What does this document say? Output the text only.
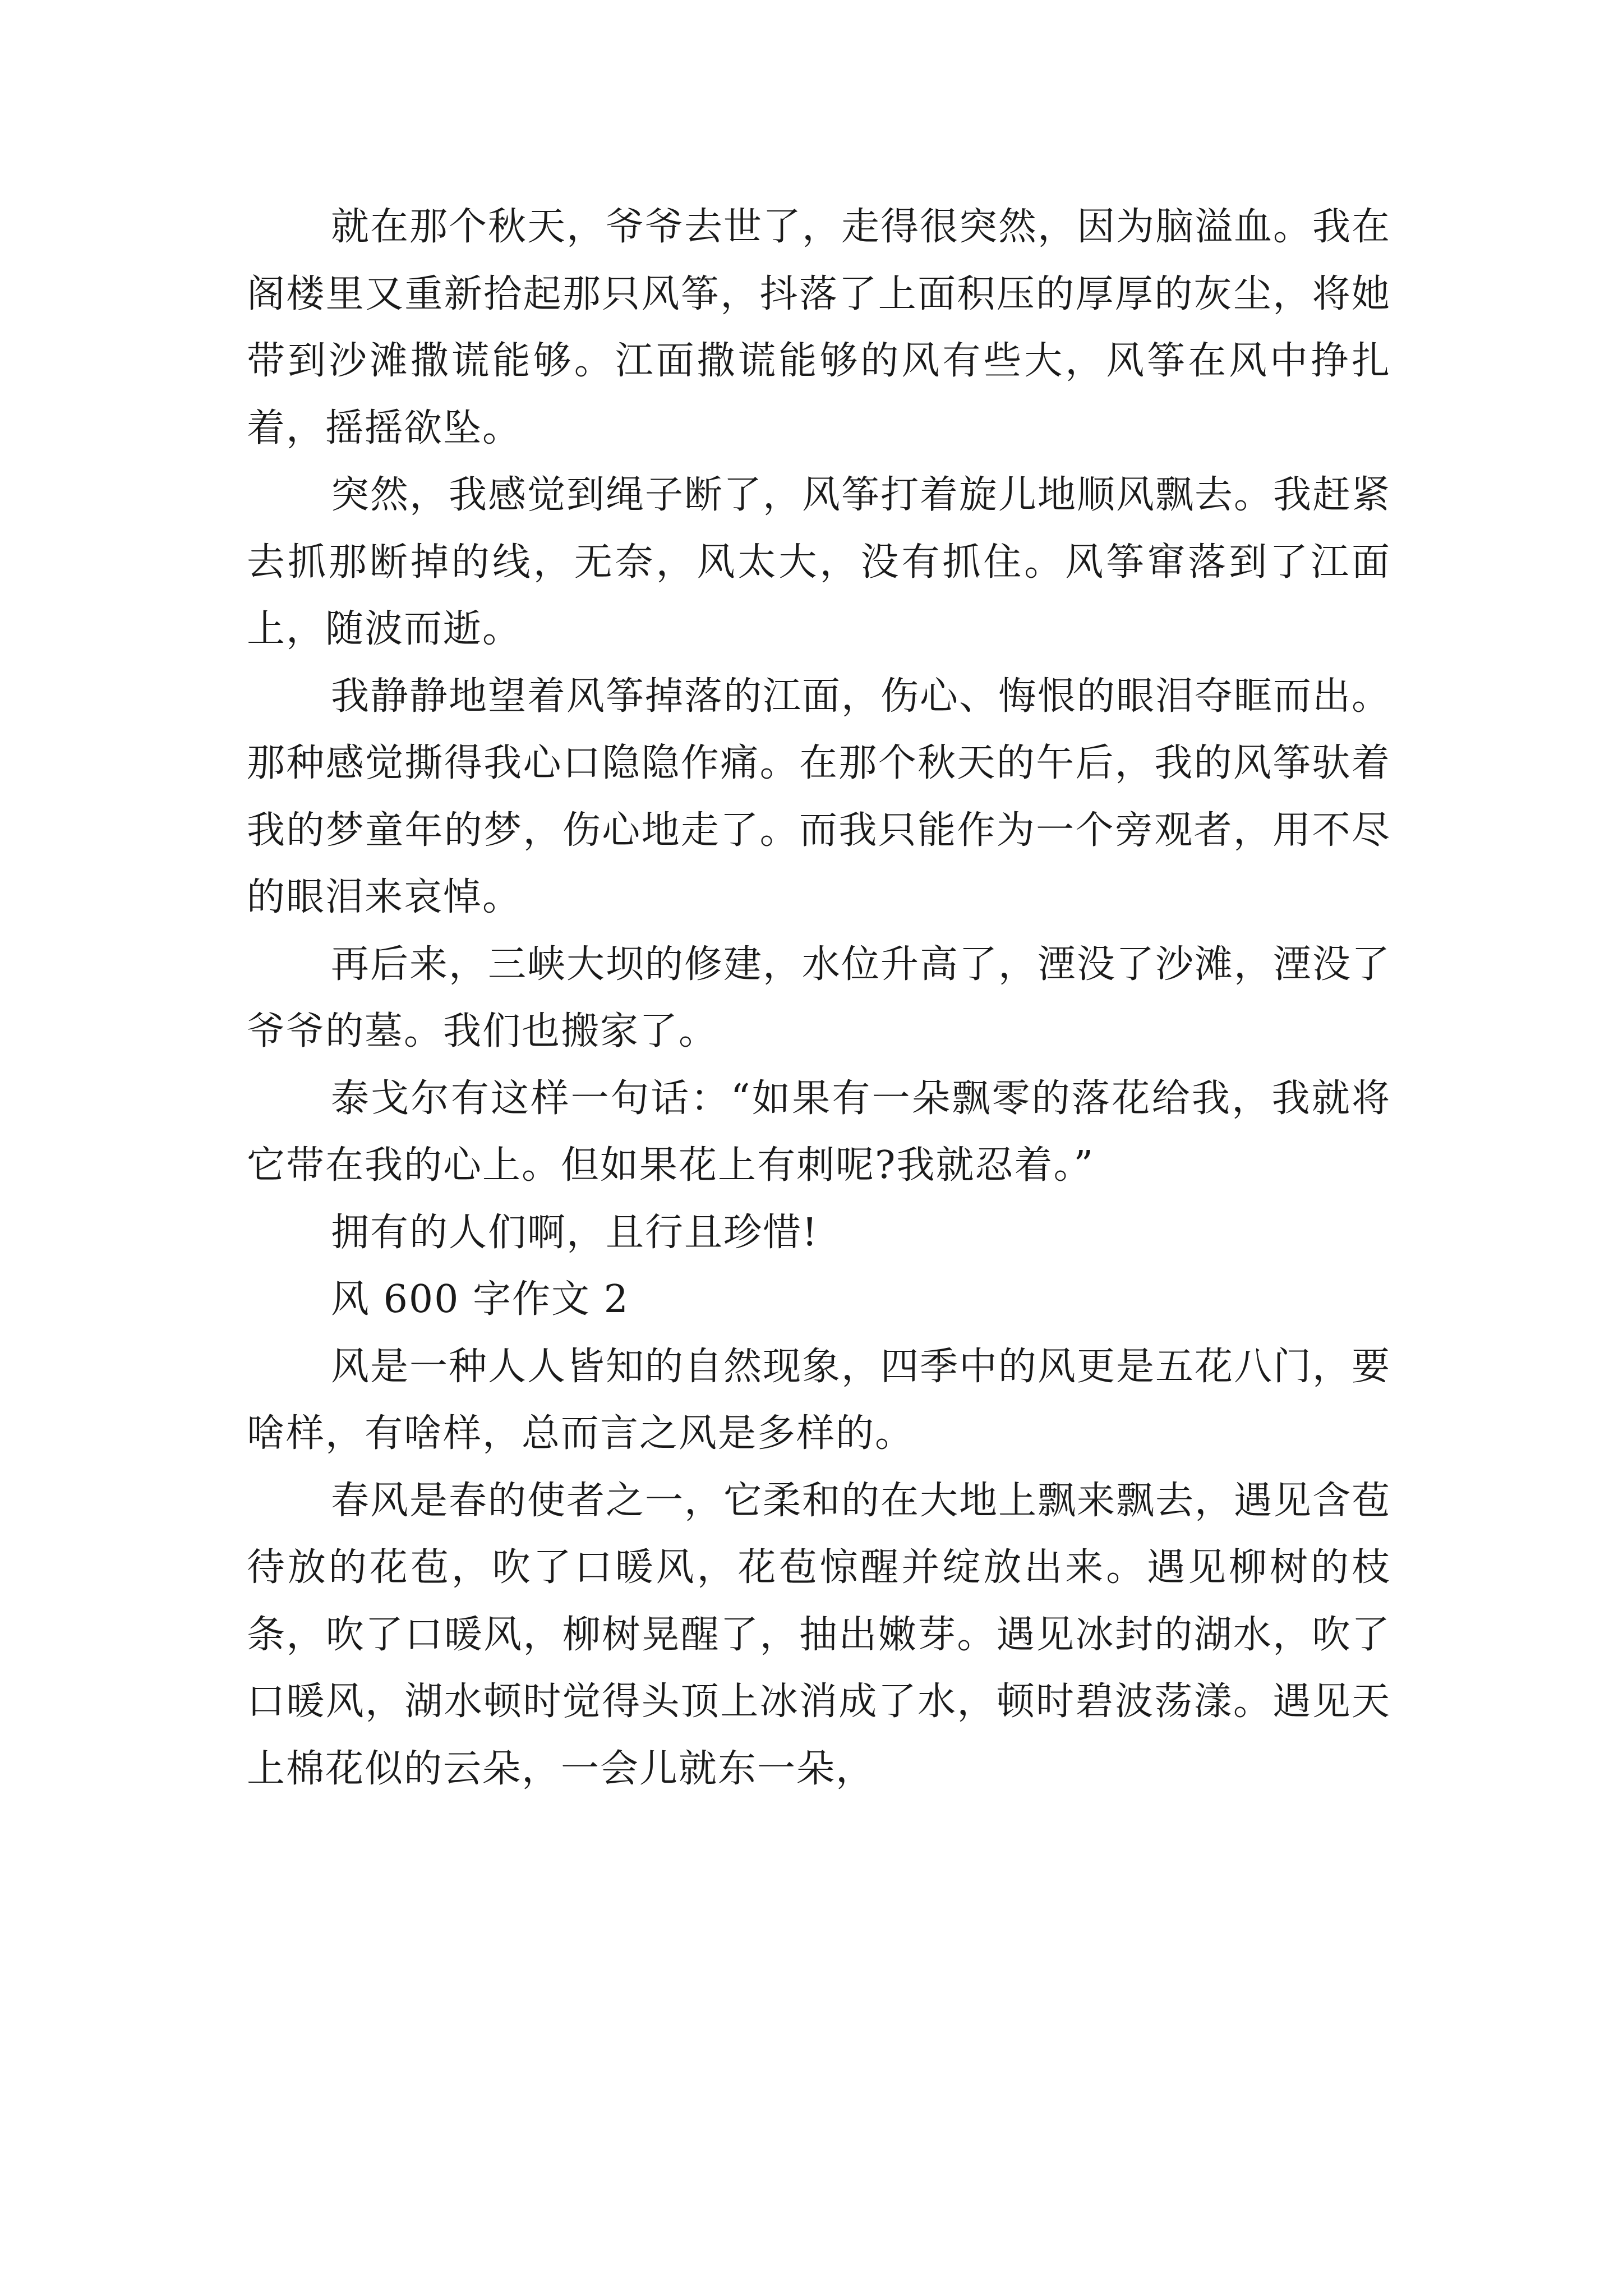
就在那个秋天，爷爷去世了，走得很突然，因为脑溢血。我在阁楼里又重新拾起那只风筝，抖落了上面积压的厚厚的灰尘，将她带到沙滩撒谎能够。江面撒谎能够的风有些大，风筝在风中挣扎着，摇摇欲坠。

突然，我感觉到绳子断了，风筝打着旋儿地顺风飘去。我赶紧去抓那断掉的线，无奈，风太大，没有抓住。风筝窜落到了江面上，随波而逝。

我静静地望着风筝掉落的江面，伤心、悔恨的眼泪夺眶而出。那种感觉撕得我心口隐隐作痛。在那个秋天的午后，我的风筝驮着我的梦童年的梦，伤心地走了。而我只能作为一个旁观者，用不尽的眼泪来哀悼。

再后来，三峡大坝的修建，水位升高了，湮没了沙滩，湮没了爷爷的墓。我们也搬家了。

泰戈尔有这样一句话：“如果有一朵飘零的落花给我，我就将它带在我的心上。但如果花上有刺呢?我就忍着。”

拥有的人们啊，且行且珍惜!

风 600 字作文 2

风是一种人人皆知的自然现象，四季中的风更是五花八门，要啥样，有啥样，总而言之风是多样的。

春风是春的使者之一，它柔和的在大地上飘来飘去，遇见含苞待放的花苞，吹了口暖风，花苞惊醒并绽放出来。遇见柳树的枝条，吹了口暖风，柳树晃醒了，抽出嫩芽。遇见冰封的湖水，吹了口暖风，湖水顿时觉得头顶上冰消成了水，顿时碧波荡漾。遇见天上棉花似的云朵，一会儿就东一朵，
